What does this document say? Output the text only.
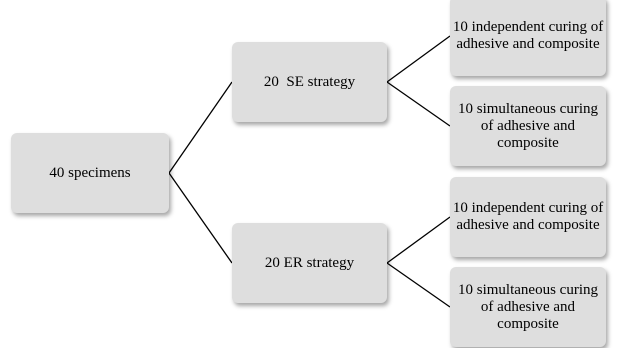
40 specimens
20  SE strategy
20 ER strategy
10 independent curing of adhesive and composite
10 simultaneous curing of adhesive and composite
10 independent curing of adhesive and composite
10 simultaneous curing of adhesive and composite
